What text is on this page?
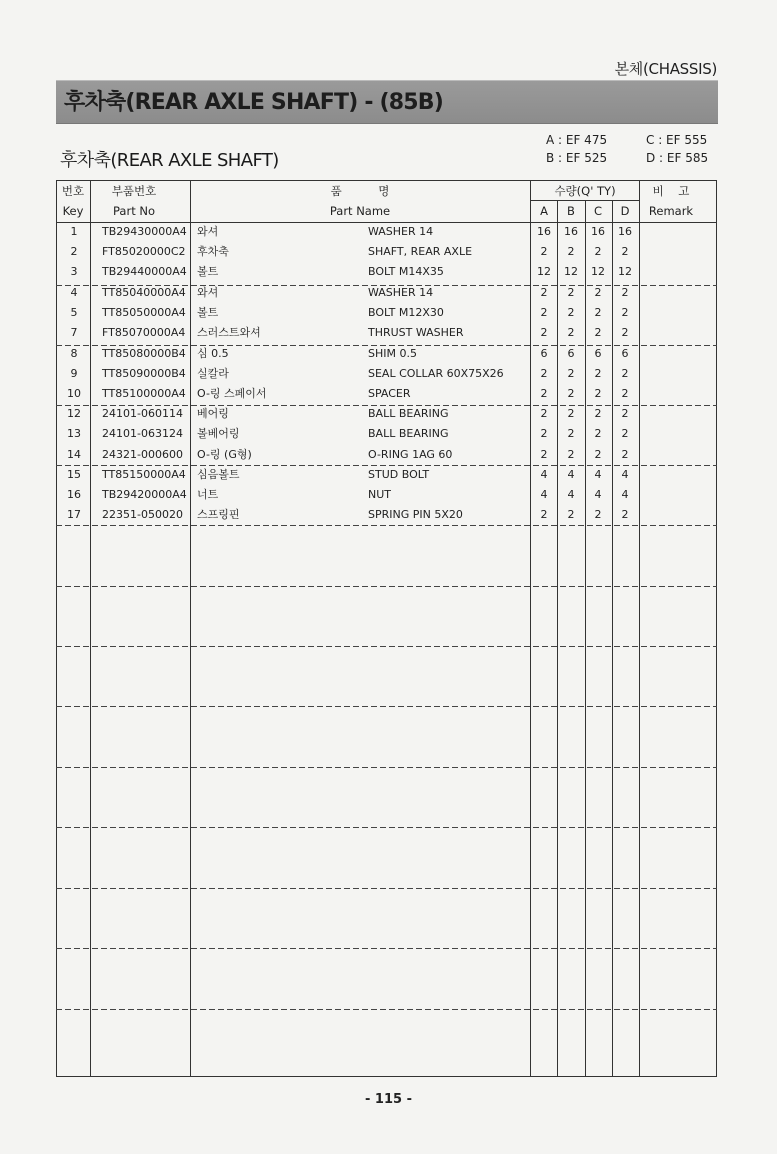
본체(CHASSIS)
후차축(REAR AXLE SHAFT) - (85B)
후차축(REAR AXLE SHAFT)
A : EF 475
B : EF 525
C : EF 555
D : EF 585
번호
Key
부품번호
Part No
품          명
Part Name
수량(Q' TY)
A B C D
비    고
Remark
1 TB29430000A4 와셔	WASHER 14	16 16 16 16
2 FT85020000C2 후차축	SHAFT, REAR AXLE	2 2 2 2
3 TB29440000A4 볼트	BOLT M14X35	12 12 12 12
4 TT85040000A4 와셔	WASHER 14	2 2 2 2
5 TT85050000A4 볼트	BOLT M12X30	2 2 2 2
7 FT85070000A4 스러스트와셔	THRUST WASHER	2 2 2 2
8 TT85080000B4 심 0.5	SHIM 0.5	6 6 6 6
9 TT85090000B4 실칼라	SEAL COLLAR 60X75X26	2 2 2 2
10 TT85100000A4 O-링 스페이서	SPACER	2 2 2 2
12 24101-060114 베어링	BALL BEARING	2 2 2 2
13 24101-063124 볼베어링	BALL BEARING	2 2 2 2
14 24321-000600 O-링 (G형)	O-RING 1AG 60	2 2 2 2
15 TT85150000A4 심음볼트	STUD BOLT	4 4 4 4
16 TB29420000A4 너트	NUT	4 4 4 4
17 22351-050020 스프링핀	SPRING PIN 5X20	2 2 2 2
- 115 -
